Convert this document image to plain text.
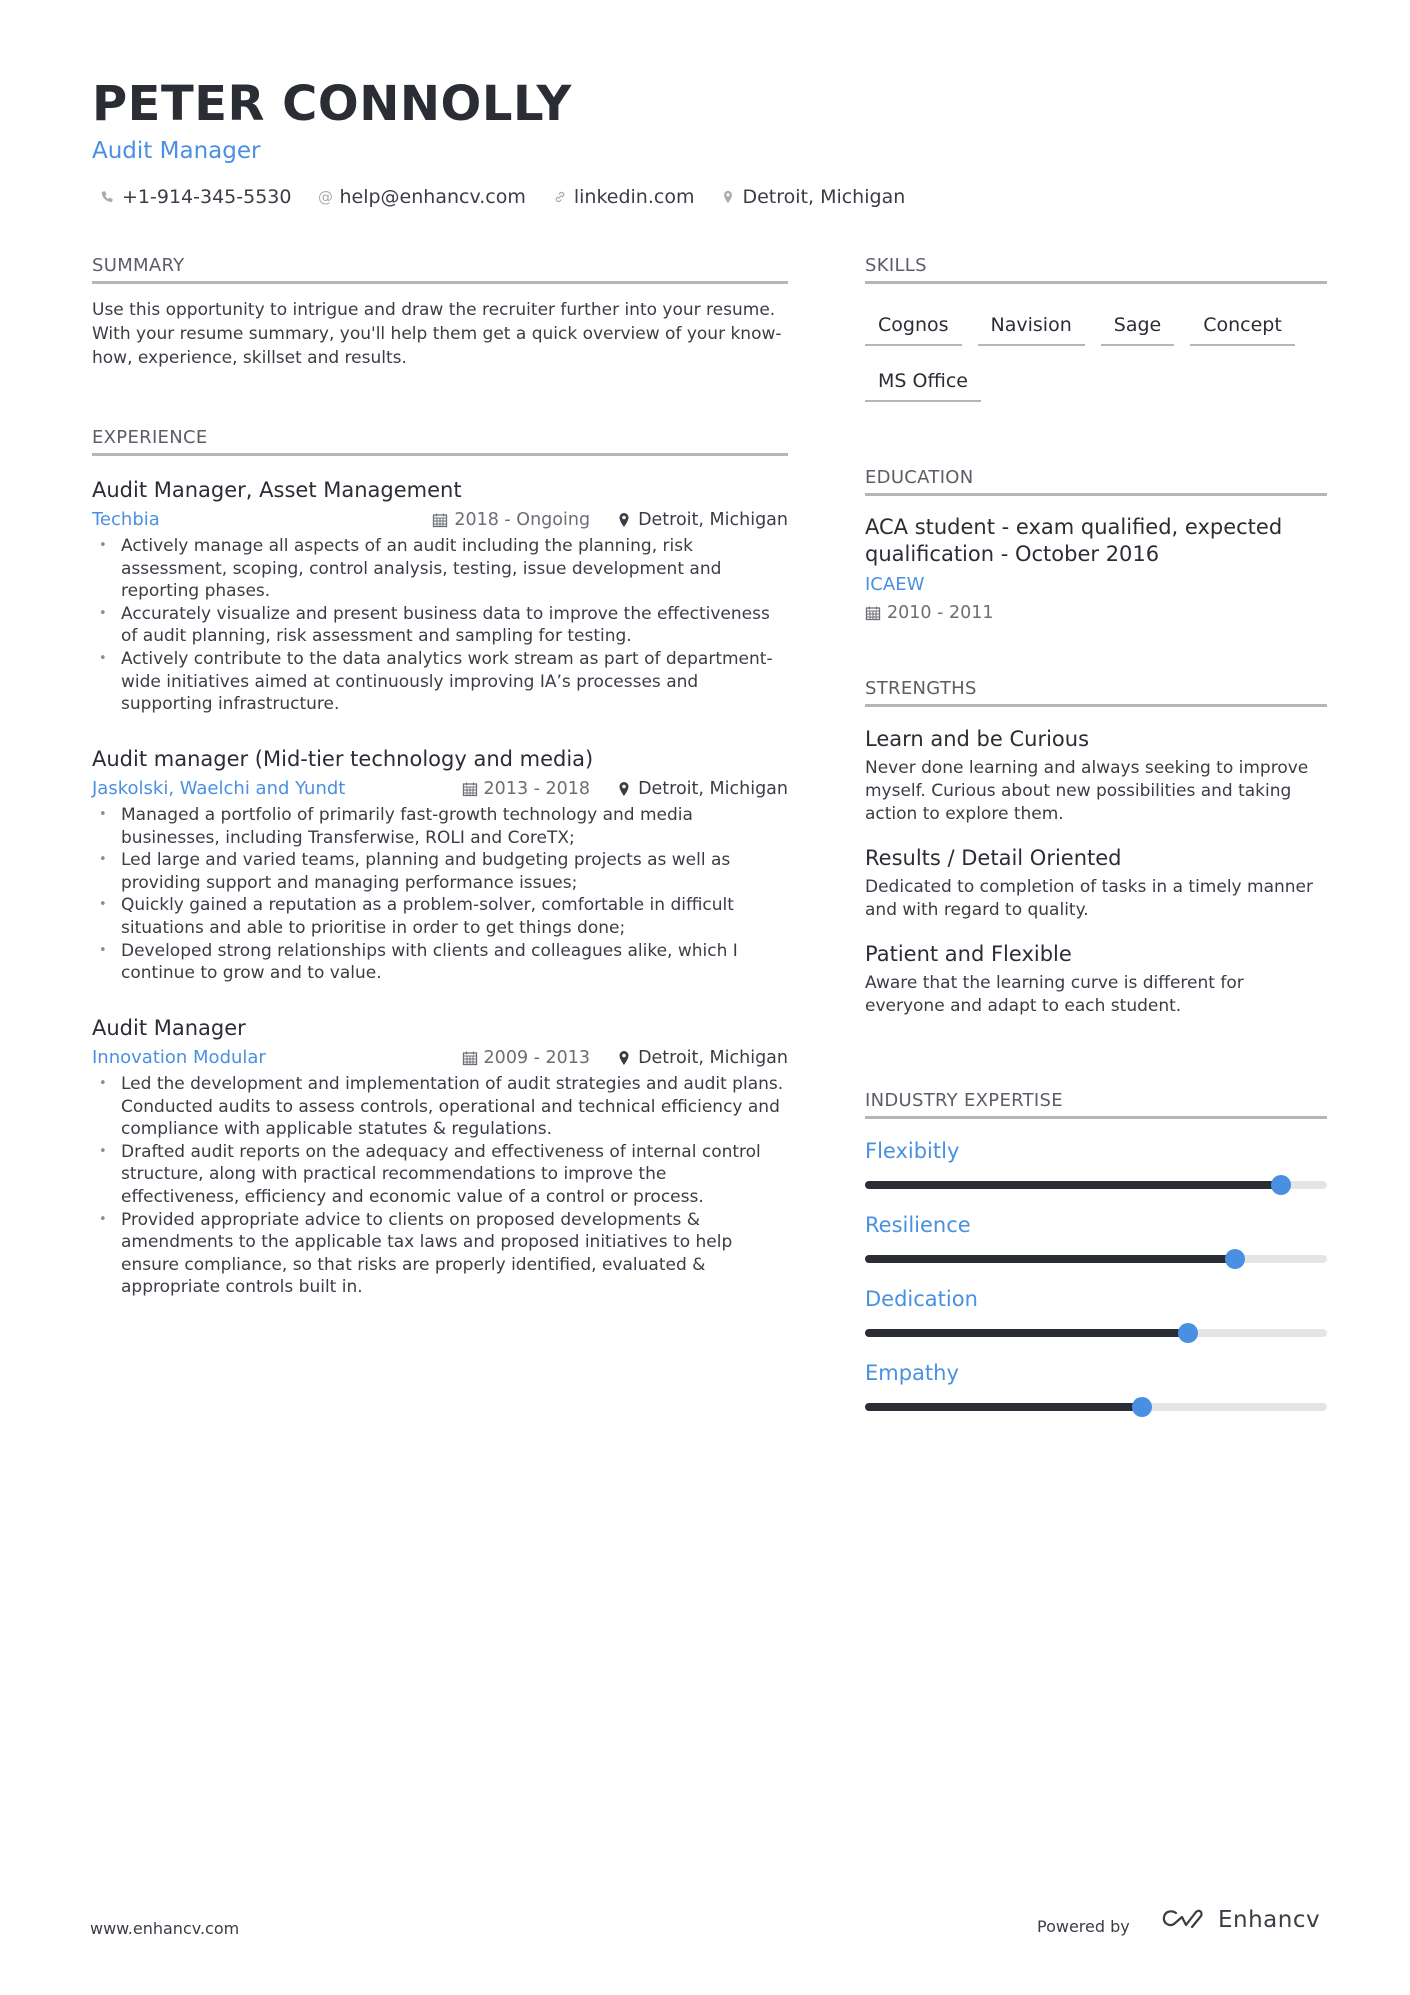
PETER CONNOLLY
Audit Manager
+1-914-345-5530 @ help@enhancv.com	linkedin.com	Detroit, Michigan
SUMMARY
Use this opportunity to intrigue and draw the recruiter further into your resume. With your resume summary, you'll help them get a quick overview of your know-how, experience, skillset and results.
EXPERIENCE
Audit Manager, Asset Management
Techbia	2018 - Ongoing	Detroit, Michigan
• Actively manage all aspects of an audit including the planning, risk assessment, scoping, control analysis, testing, issue development and reporting phases.
• Accurately visualize and present business data to improve the effectiveness of audit planning, risk assessment and sampling for testing.
• Actively contribute to the data analytics work stream as part of department-wide initiatives aimed at continuously improving IA’s processes and supporting infrastructure.
Audit manager (Mid-tier technology and media)
Jaskolski, Waelchi and Yundt	2013 - 2018	Detroit, Michigan
• Managed a portfolio of primarily fast-growth technology and media businesses, including Transferwise, ROLI and CoreTX;
• Led large and varied teams, planning and budgeting projects as well as providing support and managing performance issues;
• Quickly gained a reputation as a problem-solver, comfortable in difficult situations and able to prioritise in order to get things done;
• Developed strong relationships with clients and colleagues alike, which I continue to grow and to value.
Audit Manager
Innovation Modular	2009 - 2013	Detroit, Michigan
• Led the development and implementation of audit strategies and audit plans. Conducted audits to assess controls, operational and technical efficiency and compliance with applicable statutes & regulations.
• Drafted audit reports on the adequacy and effectiveness of internal control structure, along with practical recommendations to improve the effectiveness, efficiency and economic value of a control or process.
• Provided appropriate advice to clients on proposed developments & amendments to the applicable tax laws and proposed initiatives to help ensure compliance, so that risks are properly identified, evaluated & appropriate controls built in.
SKILLS
Cognos	Navision	Sage	Concept
MS Office
EDUCATION
ACA student - exam qualified, expected qualification - October 2016
ICAEW
2010 - 2011
STRENGTHS
Learn and be Curious
Never done learning and always seeking to improve myself. Curious about new possibilities and taking action to explore them.
Results / Detail Oriented
Dedicated to completion of tasks in a timely manner and with regard to quality.
Patient and Flexible
Aware that the learning curve is different for everyone and adapt to each student.
INDUSTRY EXPERTISE
Flexibitly
Resilience
Dedication
Empathy
www.enhancv.com	Powered by	Enhancv
